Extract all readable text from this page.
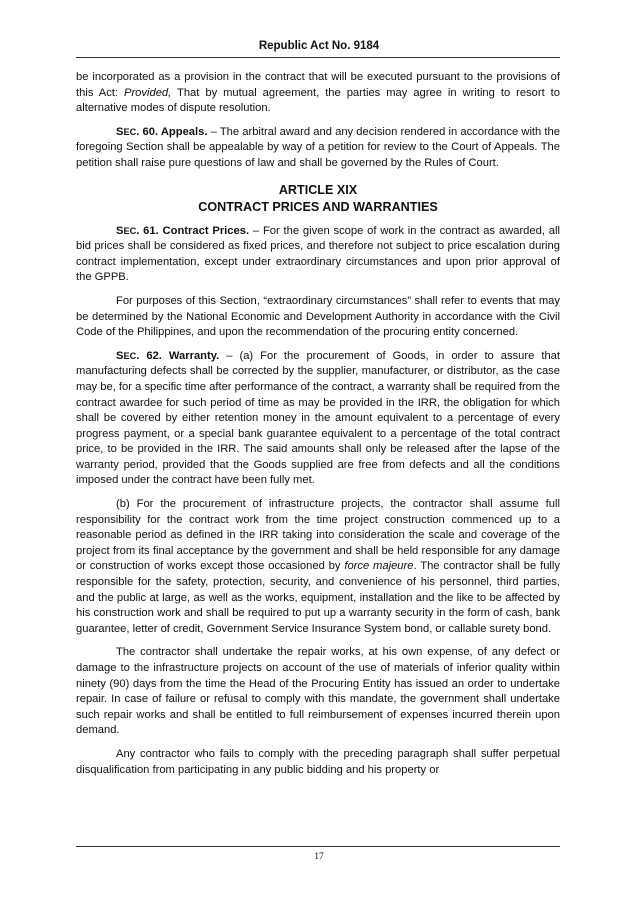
Republic Act No. 9184

be incorporated as a provision in the contract that will be executed pursuant to the provisions of this Act: Provided, That by mutual agreement, the parties may agree in writing to resort to alternative modes of dispute resolution.

SEC. 60. Appeals. – The arbitral award and any decision rendered in accordance with the foregoing Section shall be appealable by way of a petition for review to the Court of Appeals. The petition shall raise pure questions of law and shall be governed by the Rules of Court.

ARTICLE XIX
CONTRACT PRICES AND WARRANTIES

SEC. 61. Contract Prices. – For the given scope of work in the contract as awarded, all bid prices shall be considered as fixed prices, and therefore not subject to price escalation during contract implementation, except under extraordinary circumstances and upon prior approval of the GPPB.

For purposes of this Section, “extraordinary circumstances” shall refer to events that may be determined by the National Economic and Development Authority in accordance with the Civil Code of the Philippines, and upon the recommendation of the procuring entity concerned.

SEC. 62. Warranty. – (a) For the procurement of Goods, in order to assure that manufacturing defects shall be corrected by the supplier, manufacturer, or distributor, as the case may be, for a specific time after performance of the contract, a warranty shall be required from the contract awardee for such period of time as may be provided in the IRR, the obligation for which shall be covered by either retention money in the amount equivalent to a percentage of every progress payment, or a special bank guarantee equivalent to a percentage of the total contract price, to be provided in the IRR. The said amounts shall only be released after the lapse of the warranty period, provided that the Goods supplied are free from defects and all the conditions imposed under the contract have been fully met.

(b) For the procurement of infrastructure projects, the contractor shall assume full responsibility for the contract work from the time project construction commenced up to a reasonable period as defined in the IRR taking into consideration the scale and coverage of the project from its final acceptance by the government and shall be held responsible for any damage or construction of works except those occasioned by force majeure. The contractor shall be fully responsible for the safety, protection, security, and convenience of his personnel, third parties, and the public at large, as well as the works, equipment, installation and the like to be affected by his construction work and shall be required to put up a warranty security in the form of cash, bank guarantee, letter of credit, Government Service Insurance System bond, or callable surety bond.

The contractor shall undertake the repair works, at his own expense, of any defect or damage to the infrastructure projects on account of the use of materials of inferior quality within ninety (90) days from the time the Head of the Procuring Entity has issued an order to undertake repair. In case of failure or refusal to comply with this mandate, the government shall undertake such repair works and shall be entitled to full reimbursement of expenses incurred therein upon demand.

Any contractor who fails to comply with the preceding paragraph shall suffer perpetual disqualification from participating in any public bidding and his property or

17
